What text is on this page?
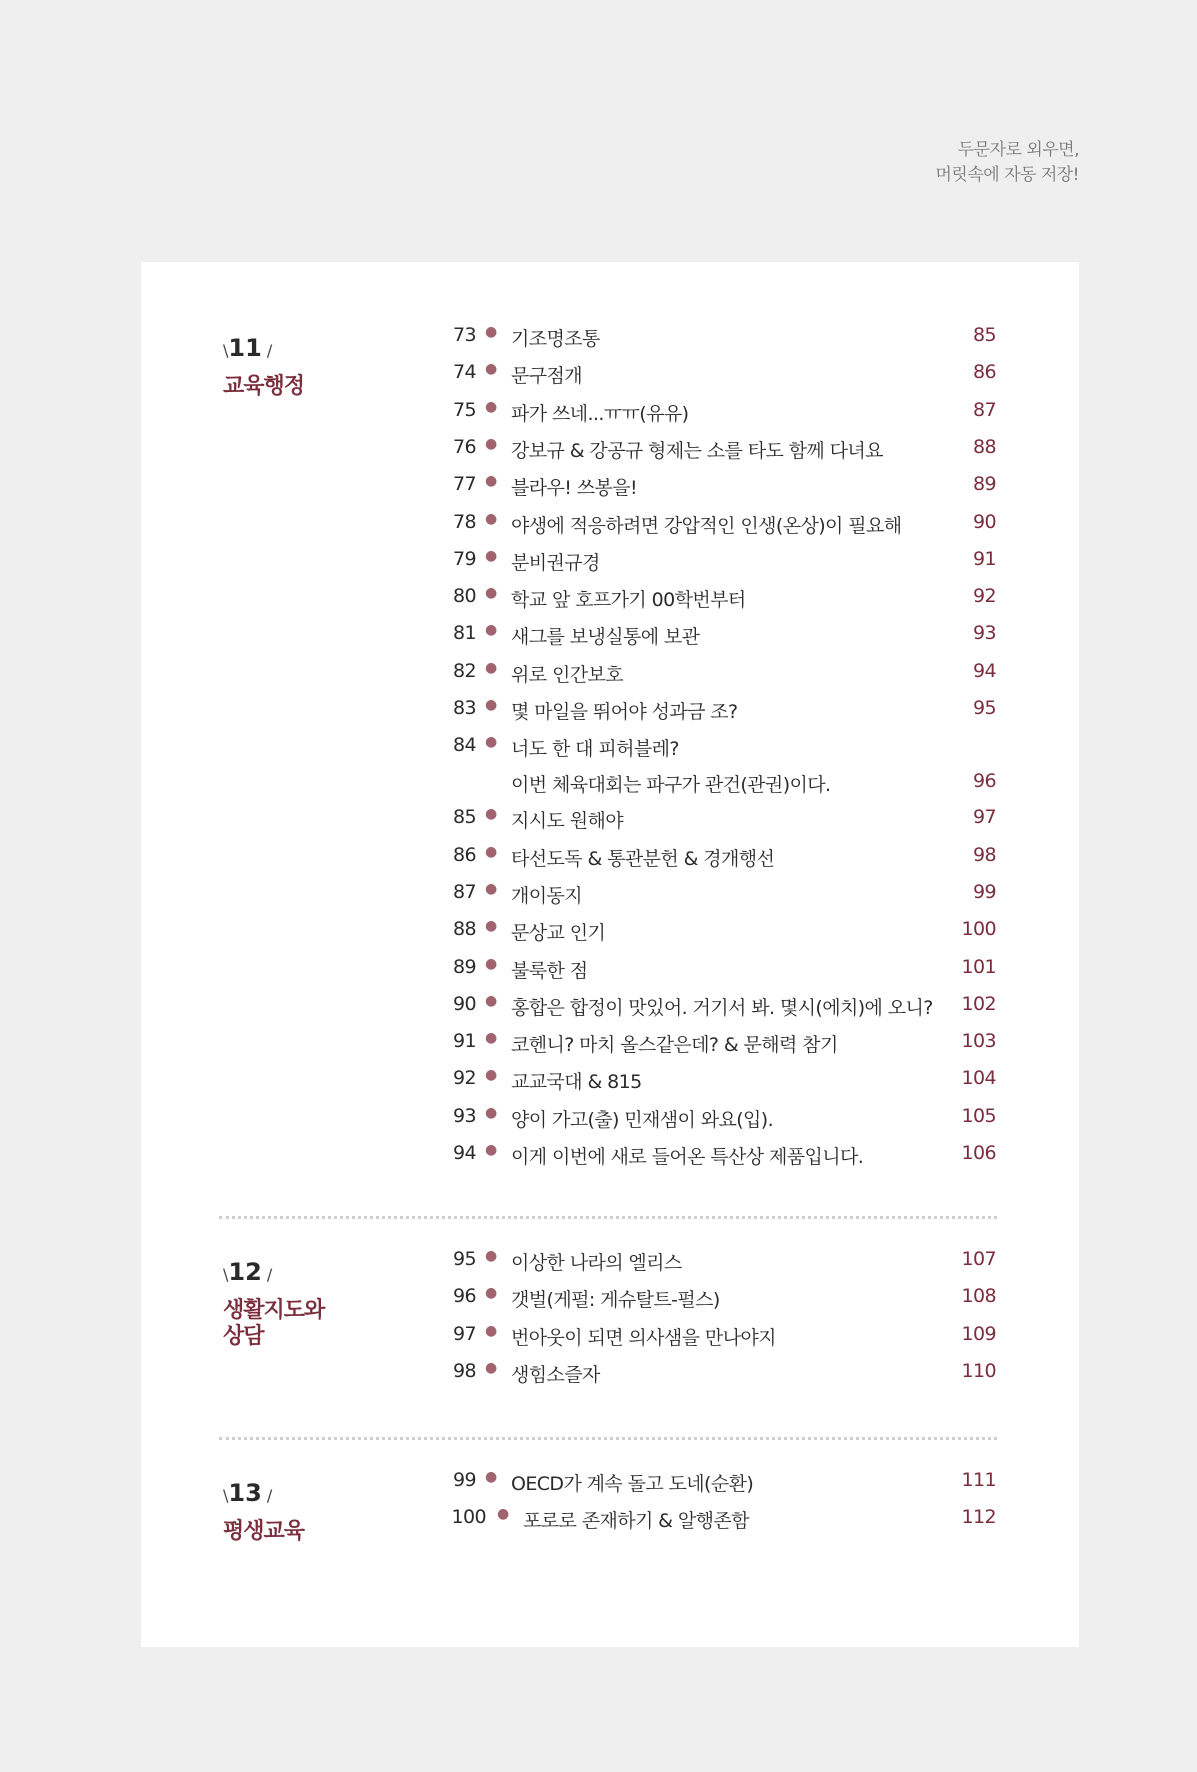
두문자로 외우면,
머릿속에 자동 저장!
\11 /
교육행정
\12 /
생활지도와
상담
\13 /
평생교육
73 ● 기조명조통	85
74 ● 문구점개	86
75 ● 파가 쓰네...ㅠㅠ(유유)	87
76 ● 강보규 & 강공규 형제는 소를 타도 함께 다녀요	88
77 ● 블라우! 쓰봉을!	89
78 ● 야생에 적응하려면 강압적인 인생(온상)이 필요해	90
79 ● 분비권규경	91
80 ● 학교 앞 호프가기 00학번부터	92
81 ● 새그를 보냉실통에 보관	93
82 ● 위로 인간보호	94
83 ● 몇 마일을 뛰어야 성과금 조?	95
84 ● 너도 한 대 피허블레?
이번 체육대회는 파구가 관건(관권)이다.	96
85 ● 지시도 원해야	97
86 ● 타선도독 & 통관분헌 & 경개행선	98
87 ● 개이동지	99
88 ● 문상교 인기	100
89 ● 불룩한 점	101
90 ● 홍합은 합정이 맛있어. 거기서 봐. 몇시(에치)에 오니? 102
91 ● 코헨니? 마치 올스같은데? & 문해력 참기	103
92 ● 교교국대 & 815	104
93 ● 양이 가고(출) 민재샘이 와요(입).	105
94 ● 이게 이번에 새로 들어온 특산상 제품입니다.	106
95 ● 이상한 나라의 엘리스	107
96 ● 갯벌(게펄: 게슈탈트-펄스)	108
97 ● 번아웃이 되면 의사샘을 만나야지	109
98 ● 생힘소즐자	110
99 ● OECD가 계속 돌고 도네(순환)	111
100 ● 포로로 존재하기 & 알행존함	112
